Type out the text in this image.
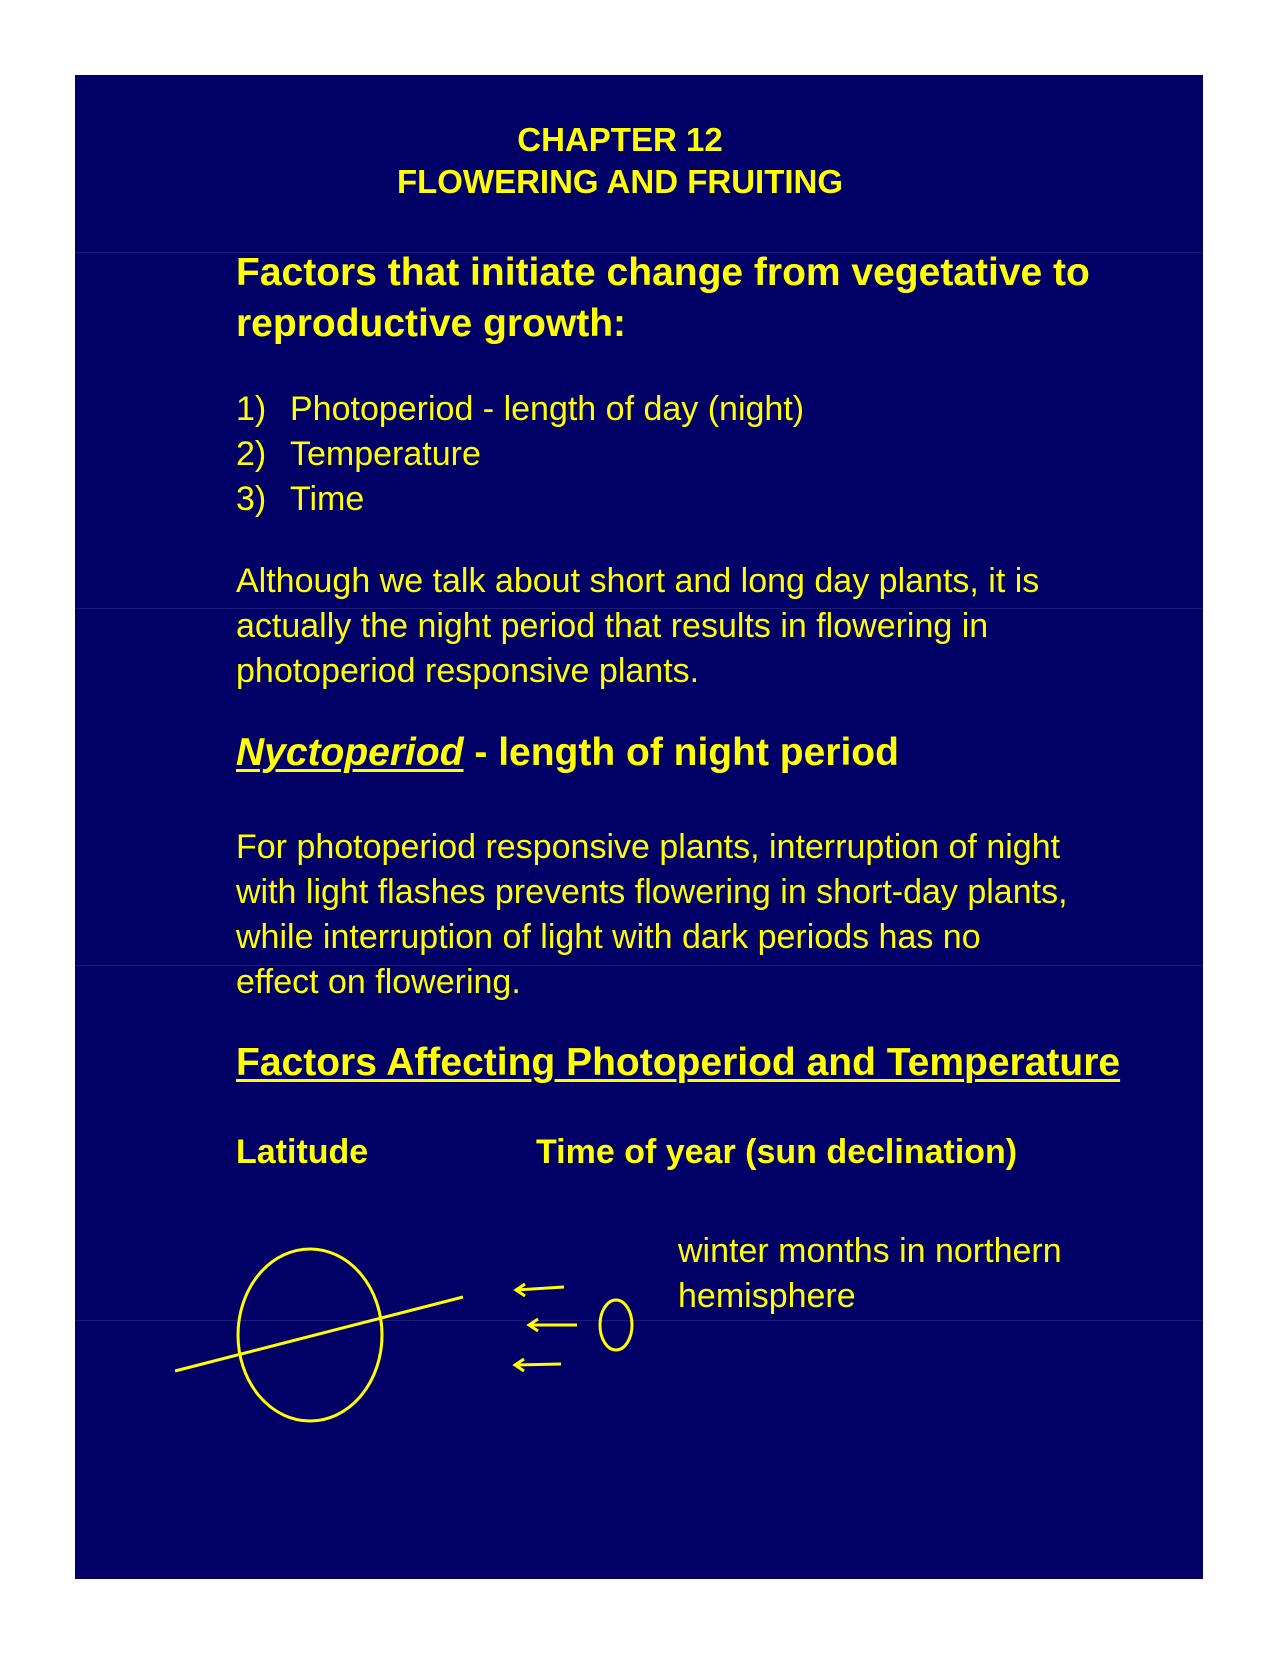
CHAPTER 12
FLOWERING AND FRUITING
Factors that initiate change from vegetative to
reproductive growth:
1) Photoperiod - length of day (night)
2) Temperature
3) Time
Although we talk about short and long day plants, it is
actually the night period that results in flowering in
photoperiod responsive plants.
Nyctoperiod - length of night period
For photoperiod responsive plants, interruption of night
with light flashes prevents flowering in short-day plants,
while interruption of light with dark periods has no
effect on flowering.
Factors Affecting Photoperiod and Temperature
Latitude	Time of year (sun declination)
winter months in northern
hemisphere
